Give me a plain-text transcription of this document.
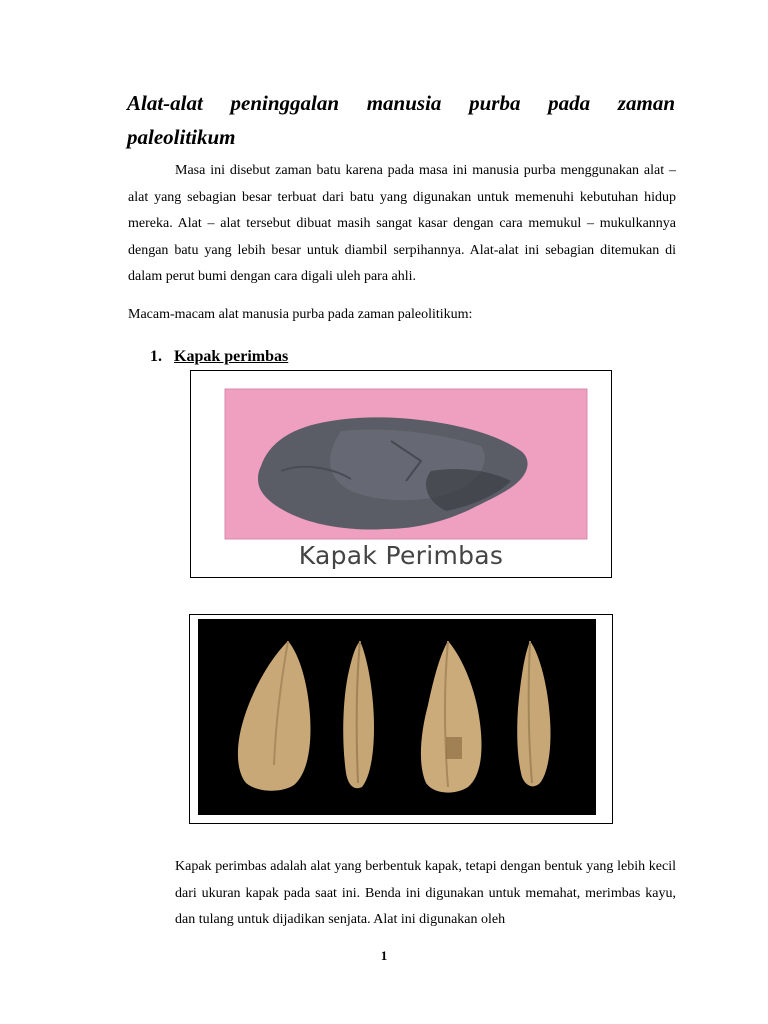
Alat-alat peninggalan manusia purba pada zaman paleolitikum
Masa ini disebut zaman batu karena pada masa ini manusia purba menggunakan alat – alat yang sebagian besar terbuat dari batu yang digunakan untuk memenuhi kebutuhan hidup mereka. Alat – alat tersebut dibuat masih sangat kasar dengan cara memukul – mukulkannya dengan batu yang lebih besar untuk diambil serpihannya. Alat-alat ini sebagian ditemukan di dalam perut bumi dengan cara digali uleh para ahli.
Macam-macam alat manusia purba pada zaman paleolitikum:
1. Kapak perimbas
Kapak Perimbas
Kapak perimbas adalah alat yang berbentuk kapak, tetapi dengan bentuk yang lebih kecil dari ukuran kapak pada saat ini. Benda ini digunakan untuk memahat, merimbas kayu, dan tulang untuk dijadikan senjata. Alat ini digunakan oleh
1
